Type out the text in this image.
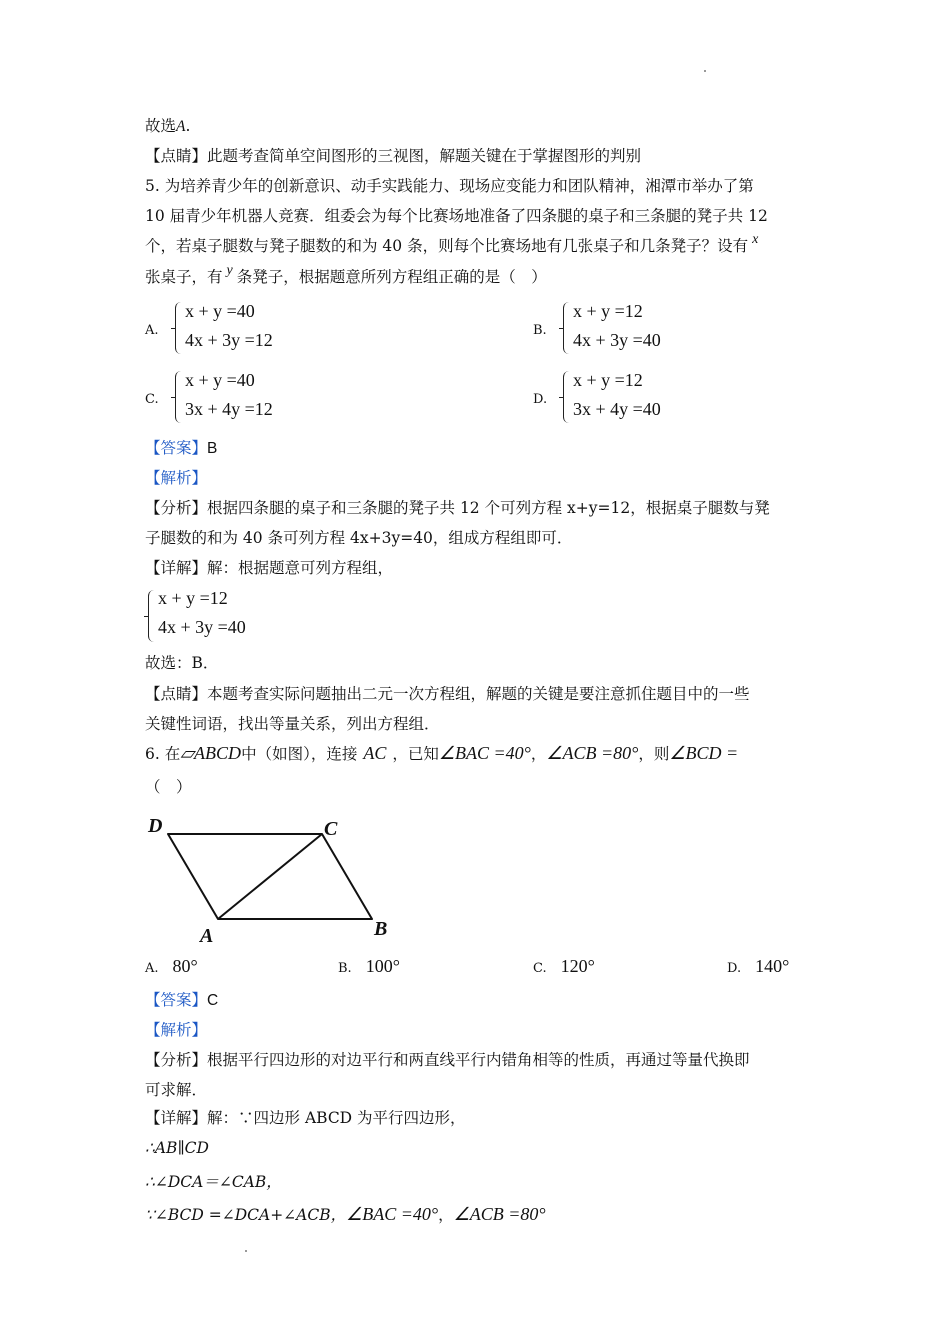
故选A.
【点睛】此题考查简单空间图形的三视图，解题关键在于掌握图形的判别
5. 为培养青少年的创新意识、动手实践能力、现场应变能力和团队精神，湘潭市举办了第
10 届青少年机器人竞赛．组委会为每个比赛场地准备了四条腿的桌子和三条腿的凳子共 12
个，若桌子腿数与凳子腿数的和为 40 条，则每个比赛场地有几张桌子和几条凳子？设有 x
张桌子，有 y 条凳子，根据题意所列方程组正确的是（　）
A.
x + y =40
4x + 3y =12	B.
x + y =12
4x + 3y =40
C.
x + y =40
3x + 4y =12	D.
x + y =12
3x + 4y =40
【答案】B
【解析】
【分析】根据四条腿的桌子和三条腿的凳子共 12 个可列方程 x+y=12，根据桌子腿数与凳
子腿数的和为 40 条可列方程 4x+3y=40，组成方程组即可．
【详解】解：根据题意可列方程组，
x + y =12
4x + 3y =40
故选：B．
【点睛】本题考查实际问题抽出二元一次方程组，解题的关键是要注意抓住题目中的一些
关键性词语，找出等量关系，列出方程组．
6. 在▱ABCD中（如图），连接 AC ，已知∠BAC =40°，∠ACB =80°，则∠BCD =
（　）
D	C
A	B
A. 80°	B. 100°	C. 120°	D. 140°
【答案】C
【解析】
【分析】根据平行四边形的对边平行和两直线平行内错角相等的性质，再通过等量代换即
可求解．
【详解】解：∵四边形 ABCD 为平行四边形，
∴AB∥CD
∴∠DCA＝∠CAB，
∵∠BCD =∠DCA+∠ACB，∠BAC =40°，∠ACB =80°
